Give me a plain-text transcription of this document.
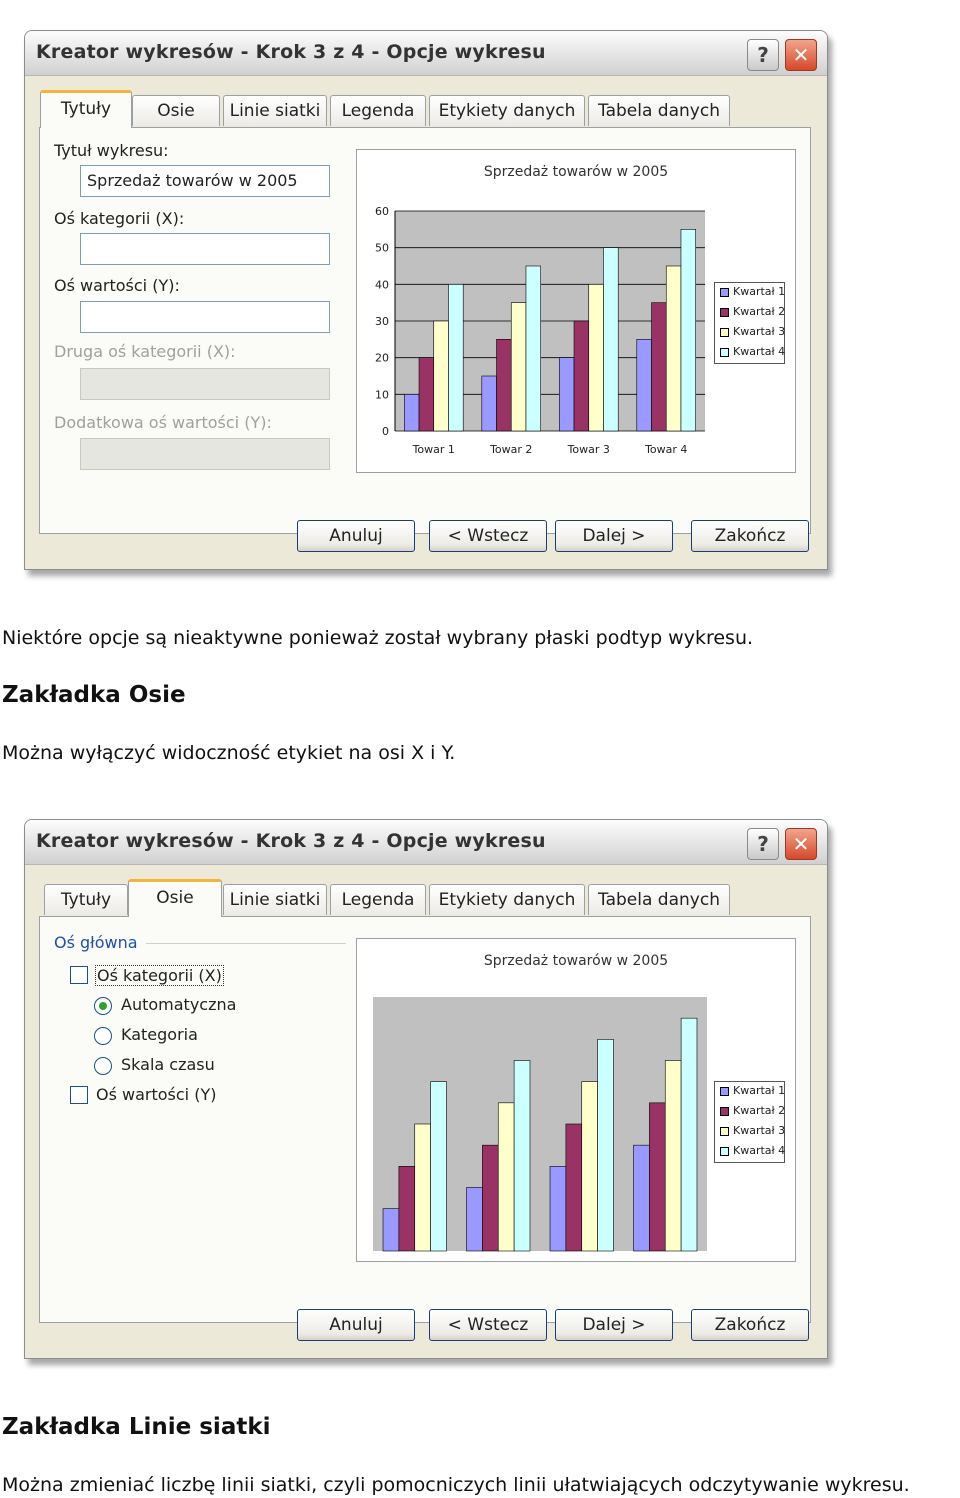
Kreator wykresów - Krok 3 z 4 - Opcje wykresu	?	✕
Tytuły	Osie	Linie siatki	Legenda	Etykiety danych	Tabela danych
Tytuł wykresu:
Sprzedaż towarów w 2005
Oś kategorii (X):
Oś wartości (Y):
Druga oś kategorii (X):
Dodatkowa oś wartości (Y):
Sprzedaż towarów w 2005
0
10
20
30
40
50
60
Towar 1	Towar 2	Towar 3	Towar 4
Kwartał 1
Kwartał 2
Kwartał 3
Kwartał 4
Anuluj	< Wstecz	Dalej >	Zakończ
Niektóre opcje są nieaktywne ponieważ został wybrany płaski podtyp wykresu.
Zakładka Osie
Można wyłączyć widoczność etykiet na osi X i Y.
Kreator wykresów - Krok 3 z 4 - Opcje wykresu	?	✕
Tytuły	Osie	Linie siatki	Legenda	Etykiety danych	Tabela danych
Oś główna
Oś kategorii (X)
Automatyczna
Kategoria
Skala czasu
Oś wartości (Y)
Sprzedaż towarów w 2005
Kwartał 1
Kwartał 2
Kwartał 3
Kwartał 4
Anuluj	< Wstecz	Dalej >	Zakończ
Zakładka Linie siatki
Można zmieniać liczbę linii siatki, czyli pomocniczych linii ułatwiających odczytywanie wykresu.
